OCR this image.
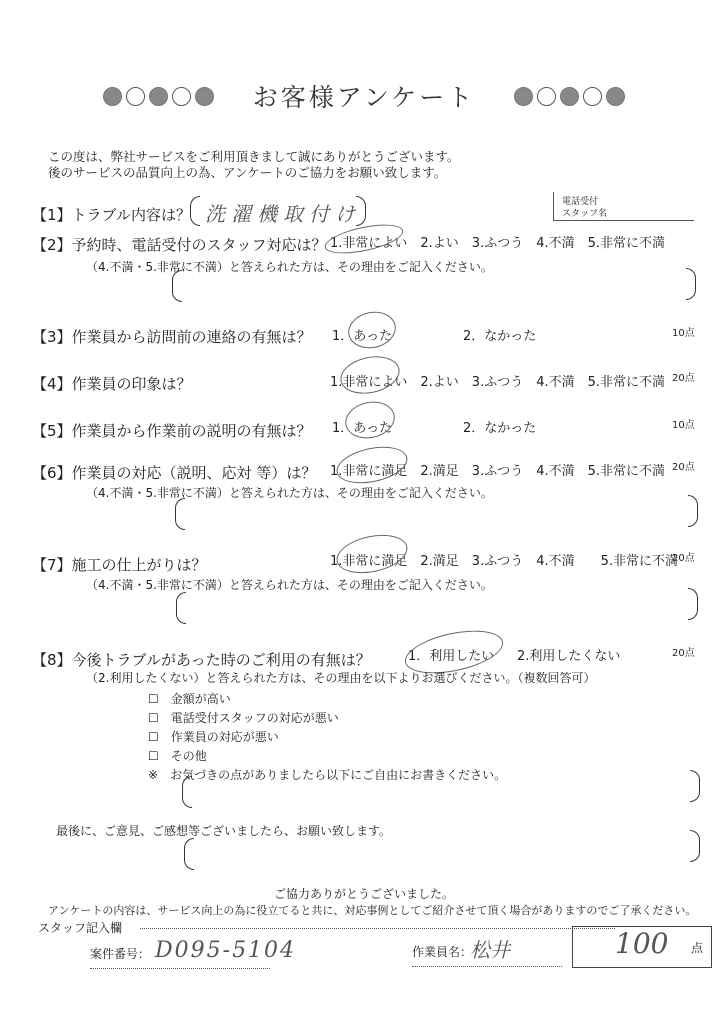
お客様アンケート
この度は、弊社サービスをご利用頂きまして誠にありがとうございます。
後のサービスの品質向上の為、アンケートのご協力をお願い致します。
電話受付
スタッフ名
【1】トラブル内容は？ 洗濯機取付け
【2】予約時、電話受付のスタッフ対応は？ 1.非常によい　2.よい　3.ふつう　4.不満　5.非常に不満
（4.不満・5.非常に不満）と答えられた方は、その理由をご記入ください。
【3】作業員から訪問前の連絡の有無は？ 1．あった	2．なかった	10点
【4】作業員の印象は？	1.非常によい　2.よい　3.ふつう　4.不満　5.非常に不満 20点
【5】作業員から作業前の説明の有無は？ 1．あった	2．なかった	10点
【6】作業員の対応（説明、応対 等）は？ 1.非常に満足　2.満足　3.ふつう　4.不満　5.非常に不満 20点
（4.不満・5.非常に不満）と答えられた方は、その理由をご記入ください。
【7】施工の仕上がりは？	1.非常に満足　2.満足　3.ふつう　4.不満　　5.非常に不満
20点
（4.不満・5.非常に不満）と答えられた方は、その理由をご記入ください。
【8】今後トラブルがあった時のご利用の有無は？	1．利用したい 2.利用したくない	20点
（2.利用したくない）と答えられた方は、その理由を以下よりお選びください。（複数回答可）
☐　 金額が高い
☐　 電話受付スタッフの対応が悪い
☐　 作業員の対応が悪い
☐　 その他
※　 お気づきの点がありましたら以下にご自由にお書きください。
最後に、ご意見、ご感想等ございましたら、お願い致します。
ご協力ありがとうございました。
アンケートの内容は、サービス向上の為に役立てると共に、対応事例としてご紹介させて頂く場合がありますのでご了承ください。
スタッフ記入欄
案件番号： D095-5104	作業員名：
松井	100 点
